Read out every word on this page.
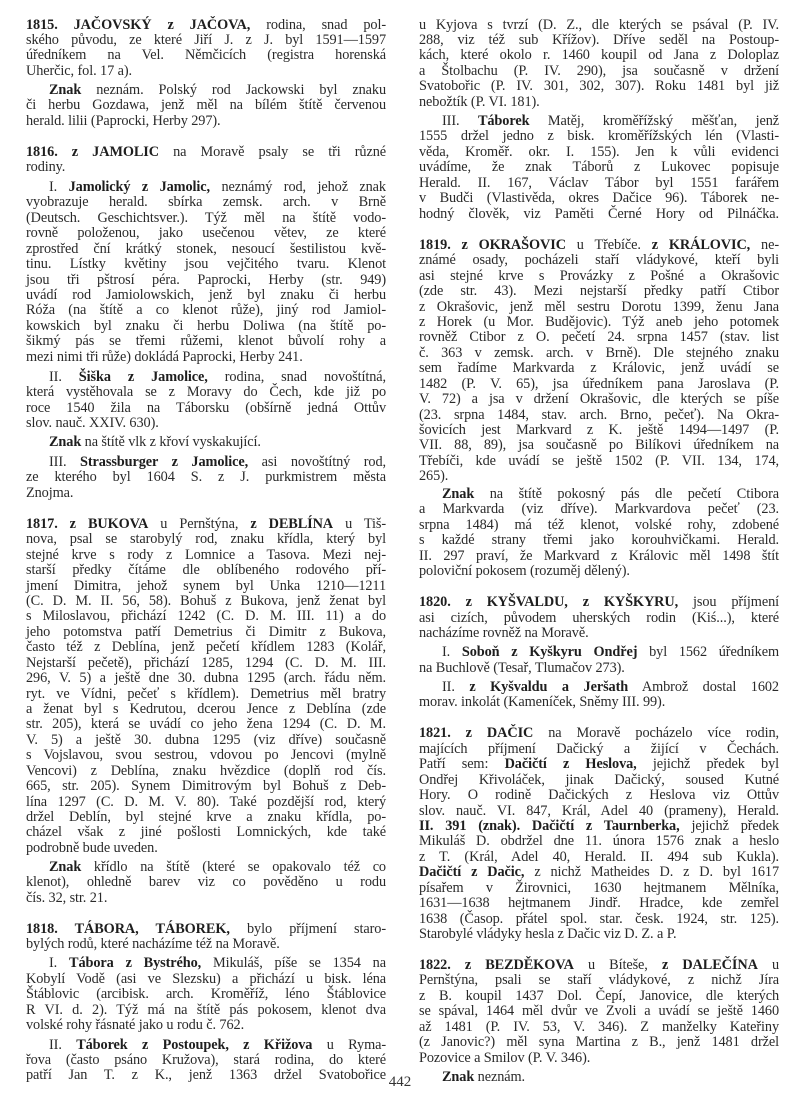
1815. JAČOVSKÝ z JAČOVA, rodina, snad pol-
ského původu, ze které Jiří J. z J. byl 1591—1597
úředníkem na Vel. Němčicích (registra horenská
Uherčic, fol. 17 a).
Znak neznám. Polský rod Jackowski byl znaku
či herbu Gozdawa, jenž měl na bílém štítě červenou
herald. lilii (Paprocki, Herby 297).
1816. z JAMOLIC na Moravě psaly se tři různé
rodiny.
I. Jamolický z Jamolic, neznámý rod, jehož znak
vyobrazuje herald. sbírka zemsk. arch. v Brně
(Deutsch. Geschichtsver.). Týž měl na štítě vodo-
rovně položenou, jako usečenou větev, ze které
zprostřed ční krátký stonek, nesoucí šestilistou kvě-
tinu. Lístky květiny jsou vejčitého tvaru. Klenot
jsou tři pštrosí péra. Paprocki, Herby (str. 949)
uvádí rod Jamiolowskich, jenž byl znaku či herbu
Róža (na štítě a co klenot růže), jiný rod Jamiol-
kowskich byl znaku či herbu Doliwa (na štítě po-
šikmý pás se třemi růžemi, klenot bůvolí rohy a
mezi nimi tři růže) dokládá Paprocki, Herby 241.
II. Šiška z Jamolice, rodina, snad novoštítná,
která vystěhovala se z Moravy do Čech, kde již po
roce 1540 žila na Táborsku (obšírně jedná Ottův
slov. nauč. XXIV. 630).
Znak na štítě vlk z křoví vyskakující.
III. Strassburger z Jamolice, asi novoštítný rod,
ze kterého byl 1604 S. z J. purkmistrem města
Znojma.
1817. z BUKOVA u Pernštýna, z DEBLÍNA u Tiš-
nova, psal se starobylý rod, znaku křídla, který byl
stejné krve s rody z Lomnice a Tasova. Mezi nej-
starší předky čítáme dle oblíbeného rodového pří-
jmení Dimitra, jehož synem byl Unka 1210—1211
(C. D. M. II. 56, 58). Bohuš z Bukova, jenž ženat byl
s Miloslavou, přichází 1242 (C. D. M. III. 11) a do
jeho potomstva patří Demetrius či Dimitr z Bukova,
často též z Deblína, jenž pečetí křídlem 1283 (Kolář,
Nejstarší pečetě), přichází 1285, 1294 (C. D. M. III.
296, V. 5) a ještě dne 30. dubna 1295 (arch. řádu něm.
ryt. ve Vídni, pečeť s křídlem). Demetrius měl bratry
a ženat byl s Kedrutou, dcerou Jence z Deblína (zde
str. 205), která se uvádí co jeho žena 1294 (C. D. M.
V. 5) a ještě 30. dubna 1295 (viz dříve) současně
s Vojslavou, svou sestrou, vdovou po Jencovi (mylně
Vencovi) z Deblína, znaku hvězdice (doplň rod čís.
665, str. 205). Synem Dimitrovým byl Bohuš z Deb-
lína 1297 (C. D. M. V. 80). Také pozdější rod, který
držel Deblín, byl stejné krve a znaku křídla, po-
cházel však z jiné pošlosti Lomnických, kde také
podrobně bude uveden.
Znak křídlo na štítě (které se opakovalo též co
klenot), ohledně barev viz co pověděno u rodu
čís. 32, str. 21.
1818. TÁBORA, TÁBOREK, bylo příjmení staro-
bylých rodů, které nacházíme též na Moravě.
I. Tábora z Bystrého, Mikuláš, píše se 1354 na
Kobylí Vodě (asi ve Slezsku) a přichází u bisk. léna
Štáblovic (arcibisk. arch. Kroměříž, léno Štáblovice
R VI. d. 2). Týž má na štítě pás pokosem, klenot dva
volské rohy řásnaté jako u rodu č. 762.
II. Táborek z Postoupek, z Křižova u Ryma-
řova (často psáno Kružova), stará rodina, do které
patří Jan T. z K., jenž 1363 držel Svatobořice
u Kyjova s tvrzí (D. Z., dle kterých se psával (P. IV.
288, viz též sub Křížov). Dříve seděl na Postoup-
kách, které okolo r. 1460 koupil od Jana z Doloplaz
a Štolbachu (P. IV. 290), jsa současně v držení
Svatobořic (P. IV. 301, 302, 307). Roku 1481 byl již
nebožtík (P. VI. 181).
III. Táborek Matěj, kroměřížský měšťan, jenž
1555 držel jedno z bisk. kroměřížských lén (Vlasti-
věda, Kroměř. okr. I. 155). Jen k vůli evidenci
uvádíme, že znak Táborů z Lukovec popisuje
Herald. II. 167, Václav Tábor byl 1551 farářem
v Budči (Vlastivěda, okres Dačice 96). Táborek ne-
hodný člověk, viz Paměti Černé Hory od Pilnáčka.
1819. z OKRAŠOVIC u Třebíče. z KRÁLOVIC, ne-
známé osady, pocházeli staří vládykové, kteří byli
asi stejné krve s Provázky z Pošné a Okrašovic
(zde str. 43). Mezi nejstarší předky patří Ctibor
z Okrašovic, jenž měl sestru Dorotu 1399, ženu Jana
z Horek (u Mor. Budějovic). Týž aneb jeho potomek
rovněž Ctibor z O. pečetí 24. srpna 1457 (stav. list
č. 363 v zemsk. arch. v Brně). Dle stejného znaku
sem řadíme Markvarda z Královic, jenž uvádí se
1482 (P. V. 65), jsa úředníkem pana Jaroslava (P.
V. 72) a jsa v držení Okrašovic, dle kterých se píše
(23. srpna 1484, stav. arch. Brno, pečeť). Na Okra-
šovicích jest Markvard z K. ještě 1494—1497 (P.
VII. 88, 89), jsa současně po Bilíkovi úředníkem na
Třebíči, kde uvádí se ještě 1502 (P. VII. 134, 174,
265).
Znak na štítě pokosný pás dle pečetí Ctibora
a Markvarda (viz dříve). Markvardova pečeť (23.
srpna 1484) má též klenot, volské rohy, zdobené
s každé strany třemi jako korouhvičkami. Herald.
II. 297 praví, že Markvard z Královic měl 1498 štít
poloviční pokosem (rozuměj dělený).
1820. z KYŠVALDU, z KYŠKYRU, jsou příjmení
asi cizích, původem uherských rodin (Kiś...), které
nacházíme rovněž na Moravě.
I. Soboň z Kyškyru Ondřej byl 1562 úředníkem
na Buchlově (Tesař, Tlumačov 273).
II. z Kyšvaldu a Jeršath Ambrož dostal 1602
morav. inkolát (Kameníček, Sněmy III. 99).
1821. z DAČIC na Moravě pocházelo více rodin,
majících příjmení Dačický a žijící v Čechách.
Patří sem: Dačičtí z Heslova, jejichž předek byl
Ondřej Křivoláček, jinak Dačický, soused Kutné
Hory. O rodině Dačických z Heslova viz Ottův
slov. nauč. VI. 847, Král, Adel 40 (prameny), Herald.
II. 391 (znak). Dačičtí z Taurnberka, jejichž předek
Mikuláš D. obdržel dne 11. února 1576 znak a heslo
z T. (Král, Adel 40, Herald. II. 494 sub Kukla).
Dačičtí z Dačic, z nichž Matheides D. z D. byl 1617
písařem v Žirovnici, 1630 hejtmanem Mělníka,
1631—1638 hejtmanem Jindř. Hradce, kde zemřel
1638 (Časop. přátel spol. star. česk. 1924, str. 125).
Starobylé vládyky hesla z Dačic viz D. Z. a P.
1822. z BEZDĚKOVA u Bíteše, z DALEČÍNA u
Pernštýna, psali se staří vládykové, z nichž Jíra
z B. koupil 1437 Dol. Čepí, Janovice, dle kterých
se spával, 1464 měl dvůr ve Zvoli a uvádí se ještě 1460
až 1481 (P. IV. 53, V. 346). Z manželky Kateřiny
(z Janovic?) měl syna Martina z B., jenž 1481 držel
Pozovice a Smilov (P. V. 346).
Znak neznám.
442
